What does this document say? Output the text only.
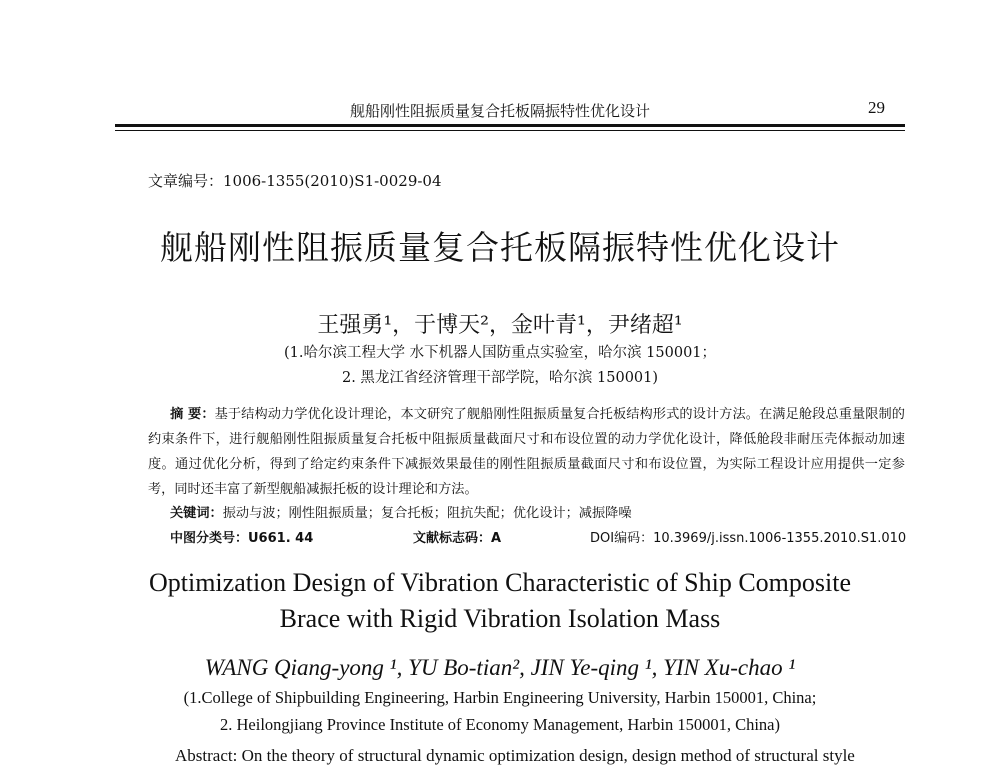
舰船刚性阻振质量复合托板隔振特性优化设计	29
文章编号：1006-1355(2010)S1-0029-04
舰船刚性阻振质量复合托板隔振特性优化设计
王强勇¹，于博天²，金叶青¹，尹绪超¹
(1.哈尔滨工程大学 水下机器人国防重点实验室，哈尔滨 150001；
2. 黑龙江省经济管理干部学院，哈尔滨 150001)
摘 要：基于结构动力学优化设计理论，本文研究了舰船刚性阻振质量复合托板结构形式的设计方法。在满足舱段总重量限制的约束条件下，进行舰船刚性阻振质量复合托板中阻振质量截面尺寸和布设位置的动力学优化设计，降低舱段非耐压壳体振动加速度。通过优化分析，得到了给定约束条件下减振效果最佳的刚性阻振质量截面尺寸和布设位置，为实际工程设计应用提供一定参考，同时还丰富了新型舰船减振托板的设计理论和方法。
关键词：振动与波；刚性阻振质量；复合托板；阻抗失配；优化设计；减振降噪
中图分类号：U661. 44	文献标志码：A	DOI编码：10.3969/j.issn.1006-1355.2010.S1.010
Optimization Design of Vibration Characteristic of Ship Composite
Brace with Rigid Vibration Isolation Mass
WANG Qiang-yong ¹, YU Bo-tian², JIN Ye-qing ¹, YIN Xu-chao ¹
(1.College of Shipbuilding Engineering, Harbin Engineering University, Harbin 150001, China;
2. Heilongjiang Province Institute of Economy Management, Harbin 150001, China)
Abstract: On the theory of structural dynamic optimization design, design method of structural style
